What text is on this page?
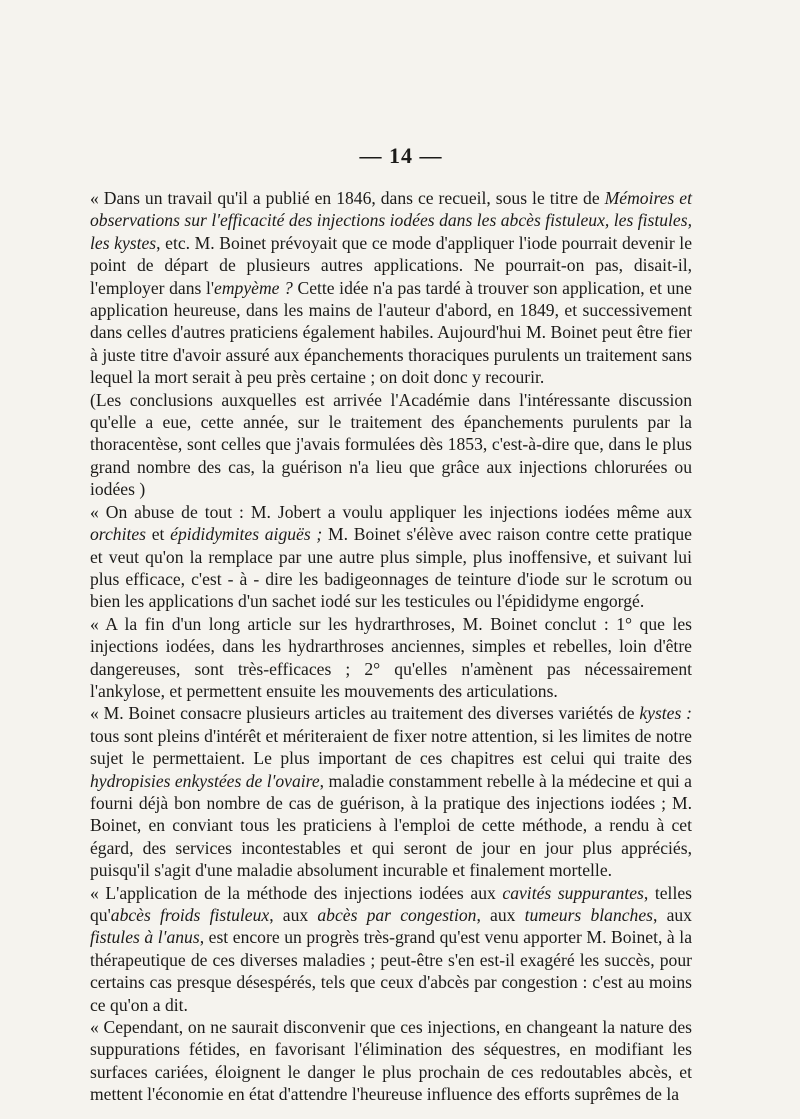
— 14 —

« Dans un travail qu'il a publié en 1846, dans ce recueil, sous le titre de Mémoires et observations sur l'efficacité des injections iodées dans les abcès fistuleux, les fistules, les kystes, etc. M. Boinet prévoyait que ce mode d'appliquer l'iode pourrait devenir le point de départ de plusieurs autres applications. Ne pourrait-on pas, disait-il, l'employer dans l'empyème ? Cette idée n'a pas tardé à trouver son application, et une application heureuse, dans les mains de l'auteur d'abord, en 1849, et successivement dans celles d'autres praticiens également habiles. Aujourd'hui M. Boinet peut être fier à juste titre d'avoir assuré aux épanchements thoraciques purulents un traitement sans lequel la mort serait à peu près certaine ; on doit donc y recourir.

(Les conclusions auxquelles est arrivée l'Académie dans l'intéressante discussion qu'elle a eue, cette année, sur le traitement des épanchements purulents par la thoracentèse, sont celles que j'avais formulées dès 1853, c'est-à-dire que, dans le plus grand nombre des cas, la guérison n'a lieu que grâce aux injections chlorurées ou iodées )

« On abuse de tout : M. Jobert a voulu appliquer les injections iodées même aux orchites et épididymites aiguës ; M. Boinet s'élève avec raison contre cette pratique et veut qu'on la remplace par une autre plus simple, plus inoffensive, et suivant lui plus efficace, c'est - à - dire les badigeonnages de teinture d'iode sur le scrotum ou bien les applications d'un sachet iodé sur les testicules ou l'épididyme engorgé.

« A la fin d'un long article sur les hydrarthroses, M. Boinet conclut : 1° que les injections iodées, dans les hydrarthroses anciennes, simples et rebelles, loin d'être dangereuses, sont très-efficaces ; 2° qu'elles n'amènent pas nécessairement l'ankylose, et permettent ensuite les mouvements des articulations.

« M. Boinet consacre plusieurs articles au traitement des diverses variétés de kystes : tous sont pleins d'intérêt et mériteraient de fixer notre attention, si les limites de notre sujet le permettaient. Le plus important de ces chapitres est celui qui traite des hydropisies enkystées de l'ovaire, maladie constamment rebelle à la médecine et qui a fourni déjà bon nombre de cas de guérison, à la pratique des injections iodées ; M. Boinet, en conviant tous les praticiens à l'emploi de cette méthode, a rendu à cet égard, des services incontestables et qui seront de jour en jour plus appréciés, puisqu'il s'agit d'une maladie absolument incurable et finalement mortelle.

« L'application de la méthode des injections iodées aux cavités suppurantes, telles qu'abcès froids fistuleux, aux abcès par congestion, aux tumeurs blanches, aux fistules à l'anus, est encore un progrès très-grand qu'est venu apporter M. Boinet, à la thérapeutique de ces diverses maladies ; peut-être s'en est-il exagéré les succès, pour certains cas presque désespérés, tels que ceux d'abcès par congestion : c'est au moins ce qu'on a dit.

« Cependant, on ne saurait disconvenir que ces injections, en changeant la nature des suppurations fétides, en favorisant l'élimination des séquestres, en modifiant les surfaces cariées, éloignent le danger le plus prochain de ces redoutables abcès, et mettent l'économie en état d'attendre l'heureuse influence des efforts suprêmes de la
